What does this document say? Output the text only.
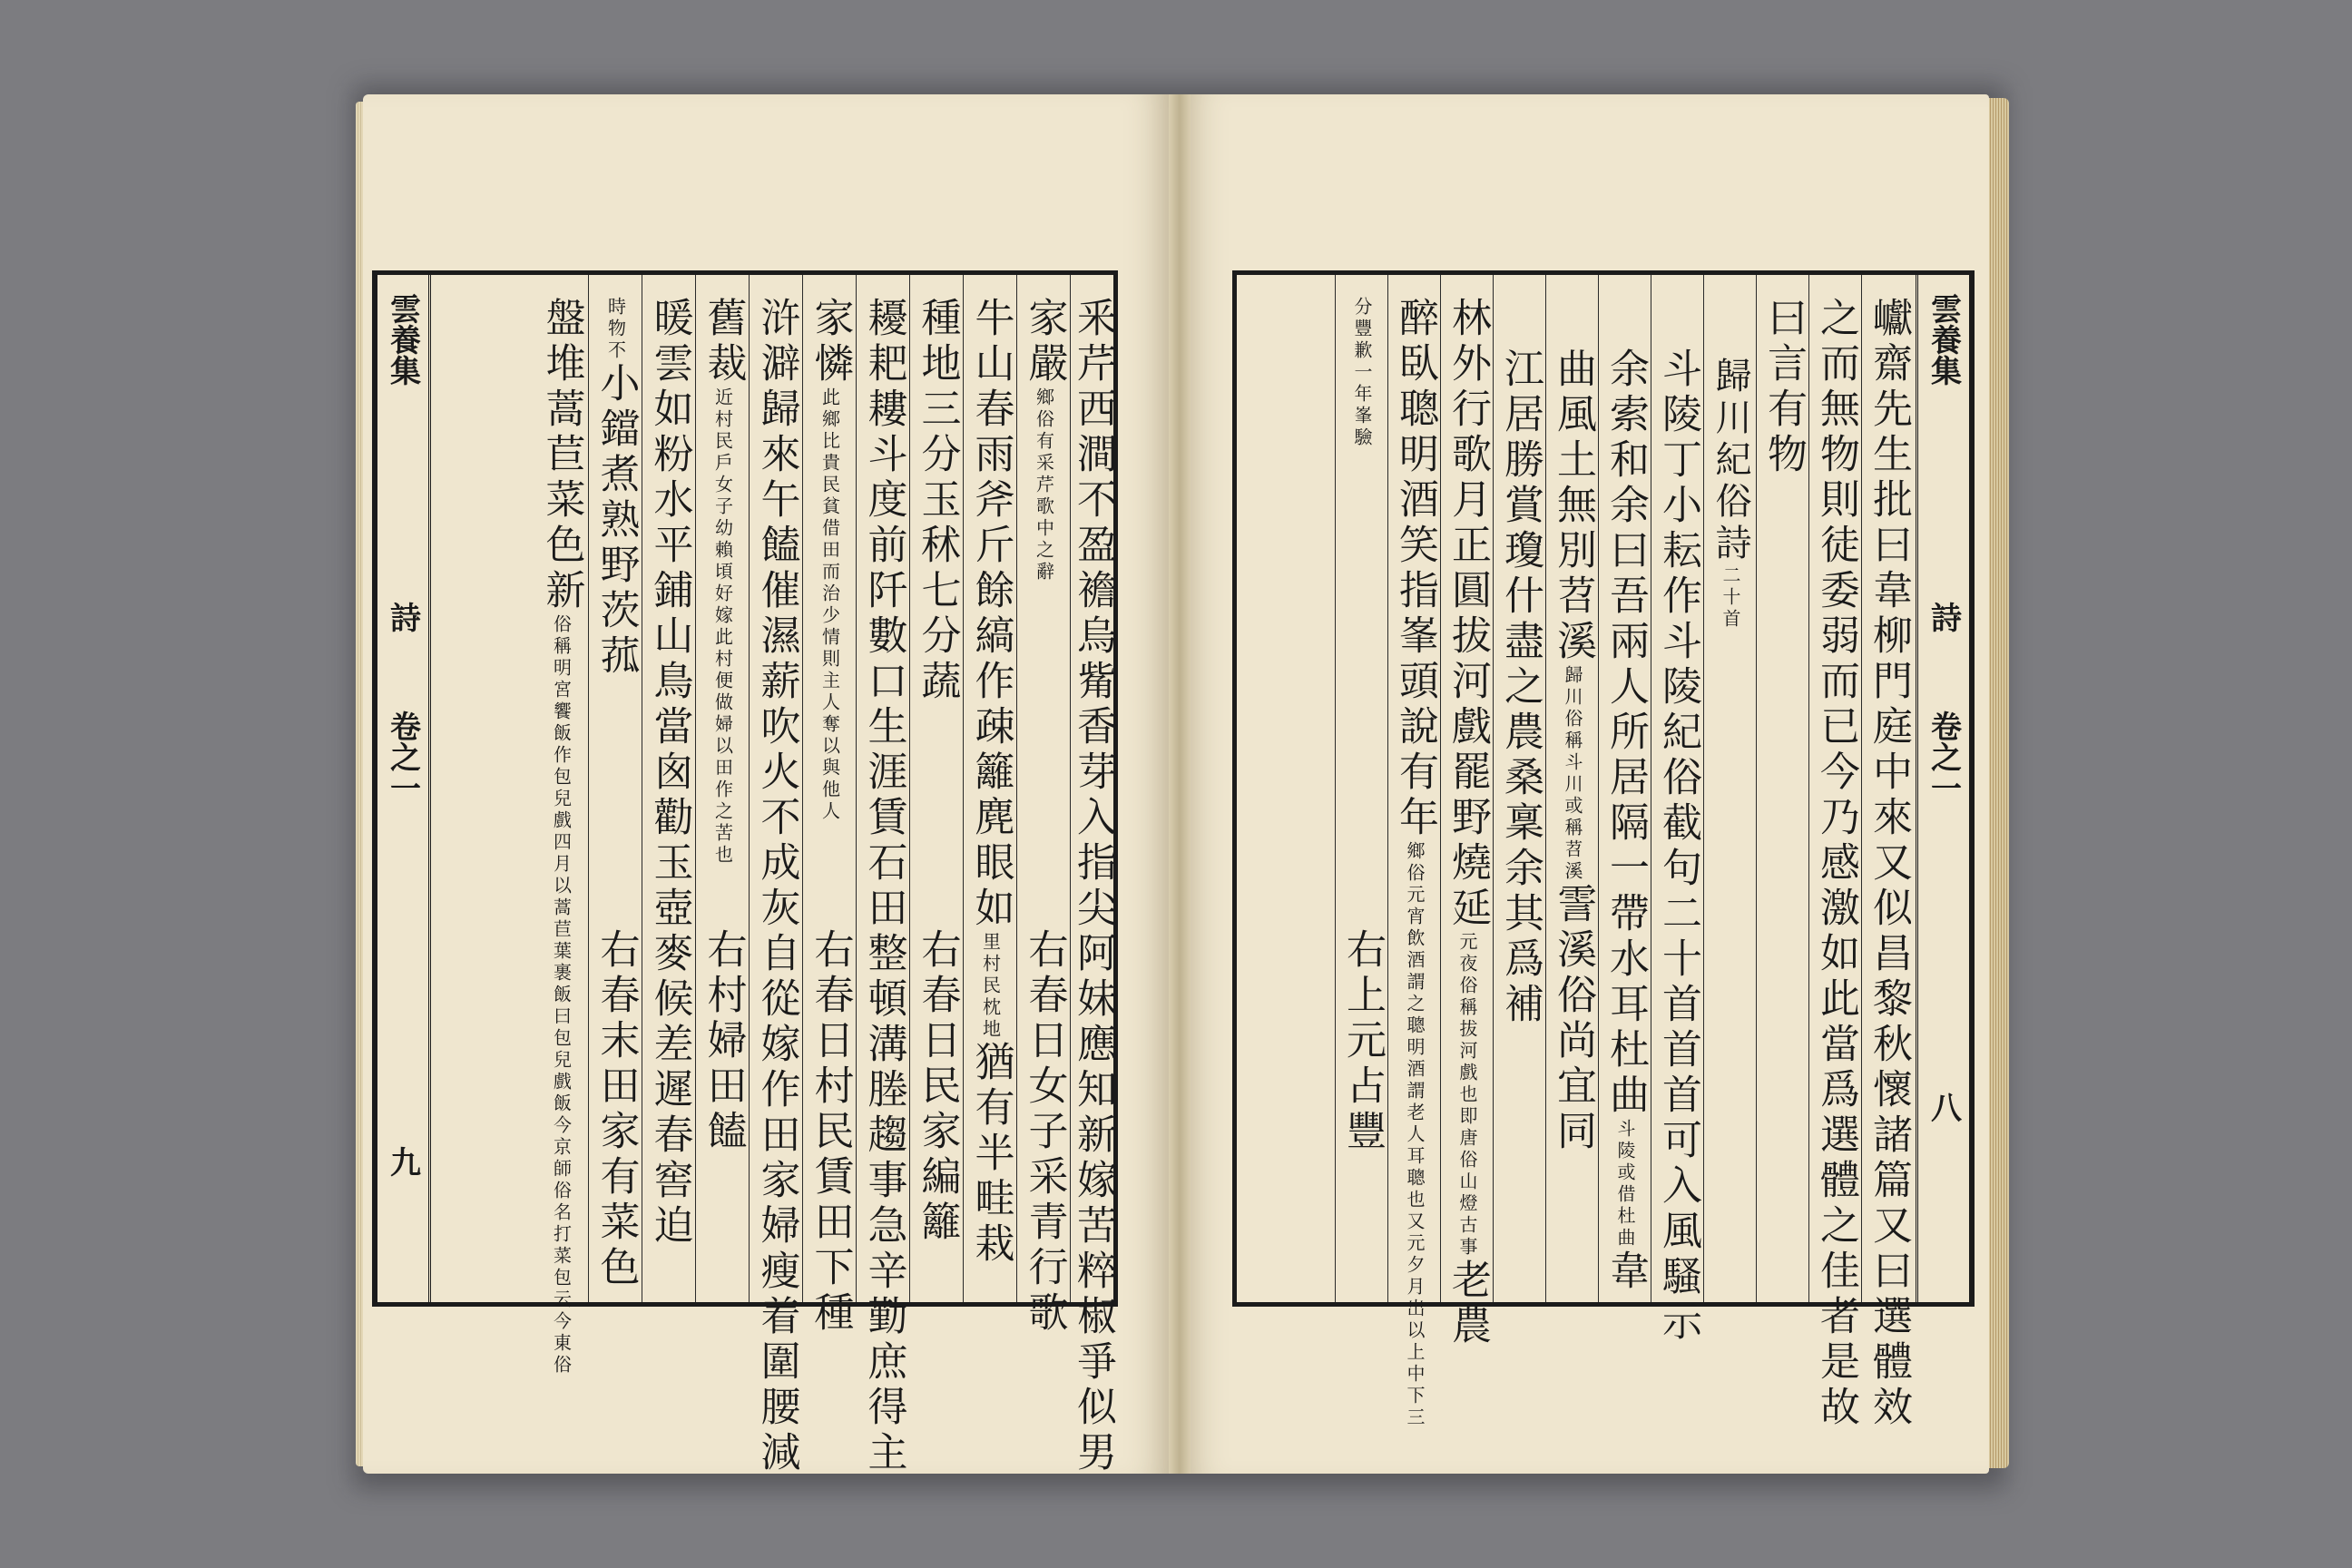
雲養集
詩
卷之一
九	釆芹西澗不盈襜烏觜香芽入指尖阿妹應知新嫁苦粹椒爭似男
家嚴鄉俗有采芹歌中之辭
右春日女子采青行歌
牛山春雨斧斤餘縞作疎籬麂眼如里村民枕地猶有半畦栽
種地三分玉秫七分蔬
右春日民家編籬
耰耙耬斗度前阡數口生涯賃石田整頓溝塍趨事急辛勤庶得主
家憐此鄉比貴民貧借田而治少情則主人奪以與他人
右春日村民賃田下種
浒澼歸來午饁催濕薪吹火不成灰自從嫁作田家婦瘦着圍腰減
舊裁近村民戶女子幼賴頃好嫁此村便做婦以田作之苦也
右村婦田饁
暖雲如粉水平鋪山鳥當囪勸玉壺麥候差遲春窖迫
時物不小鐺煮熟野茨菰
右春末田家有菜色
盤堆蒿苣菜色新俗稱明宮饗飯作包兒戲四月以蒿苣葉裹飯曰包兒戲飯今京師俗名打菜包云今東俗
雲養集
詩
卷之一
八
巘齋先生批曰韋柳門庭中來又似昌黎秋懷諸篇又曰選體效
之而無物則徒委弱而已今乃感激如此當爲選體之佳者是故
曰言有物
歸川紀俗詩二十首
斗陵丁小耘作斗陵紀俗截句二十首首首可入風騷示
余索和余曰吾兩人所居隔一帶水耳杜曲斗陵或借杜曲韋
曲風土無別苕溪歸川俗稱斗川或稱苕溪霅溪俗尚宜同
江居勝賞瓊什盡之農桑稟余其爲補
林外行歌月正圓拔河戲罷野燒延元夜俗稱拔河戲也即唐俗山燈古事老農
醉臥聰明酒笑指峯頭說有年鄉俗元宵飲酒謂之聰明酒謂老人耳聰也又元夕月出以上中下三
分豐歉一年峯驗
右上元占豐
